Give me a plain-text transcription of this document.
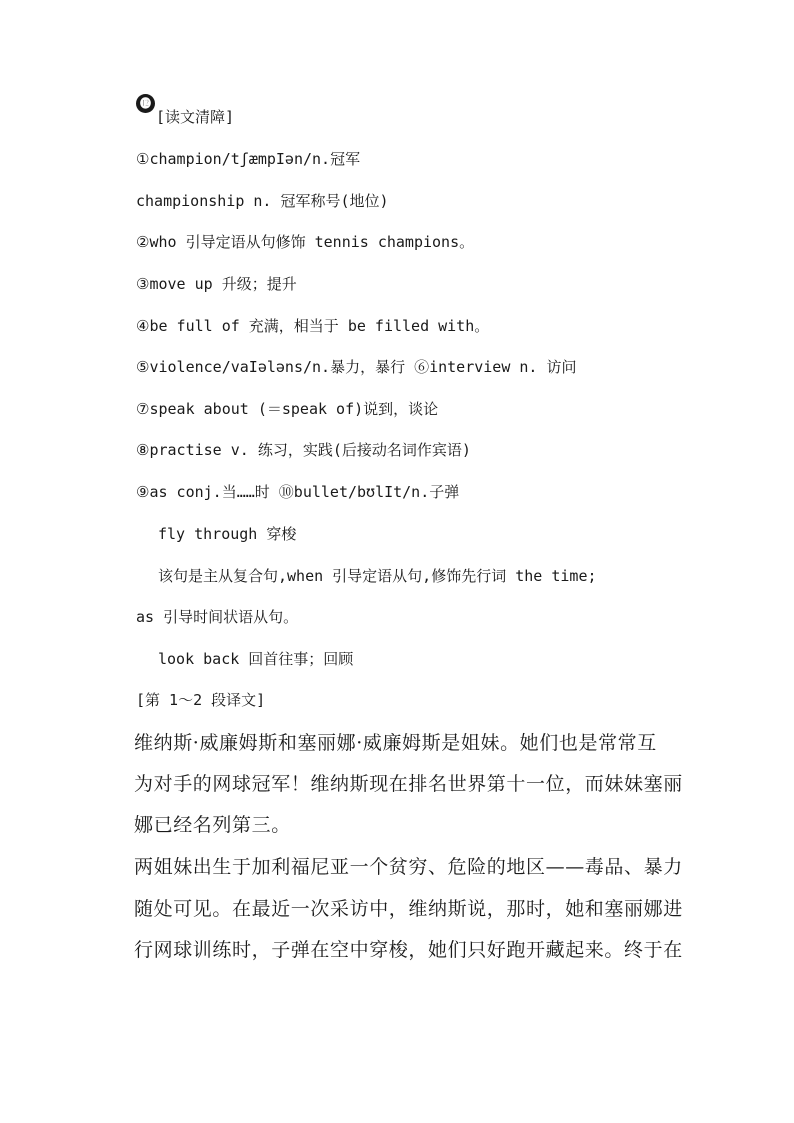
⓬
[读文清障]
①champion/tʃæmpIən/n.冠军
championship n. 冠军称号(地位)
②who 引导定语从句修饰 tennis champions。
③move up 升级；提升
④be full of 充满，相当于 be filled with。
⑤violence/vaIələns/n.暴力，暴行 ⑥interview n. 访问
⑦speak about (＝speak of)说到，谈论
⑧practise v. 练习，实践(后接动名词作宾语)
⑨as conj.当……时 ⑩bullet/bʊlIt/n.子弹
fly through 穿梭
该句是主从复合句,when 引导定语从句,修饰先行词 the time;
as 引导时间状语从句。
look back 回首往事；回顾
[第 1～2 段译文]
维纳斯·威廉姆斯和塞丽娜·威廉姆斯是姐妹。她们也是常常互
为对手的网球冠军！维纳斯现在排名世界第十一位，而妹妹塞丽
娜已经名列第三。
两姐妹出生于加利福尼亚一个贫穷、危险的地区——毒品、暴力
随处可见。在最近一次采访中，维纳斯说，那时，她和塞丽娜进
行网球训练时，子弹在空中穿梭，她们只好跑开藏起来。终于在
